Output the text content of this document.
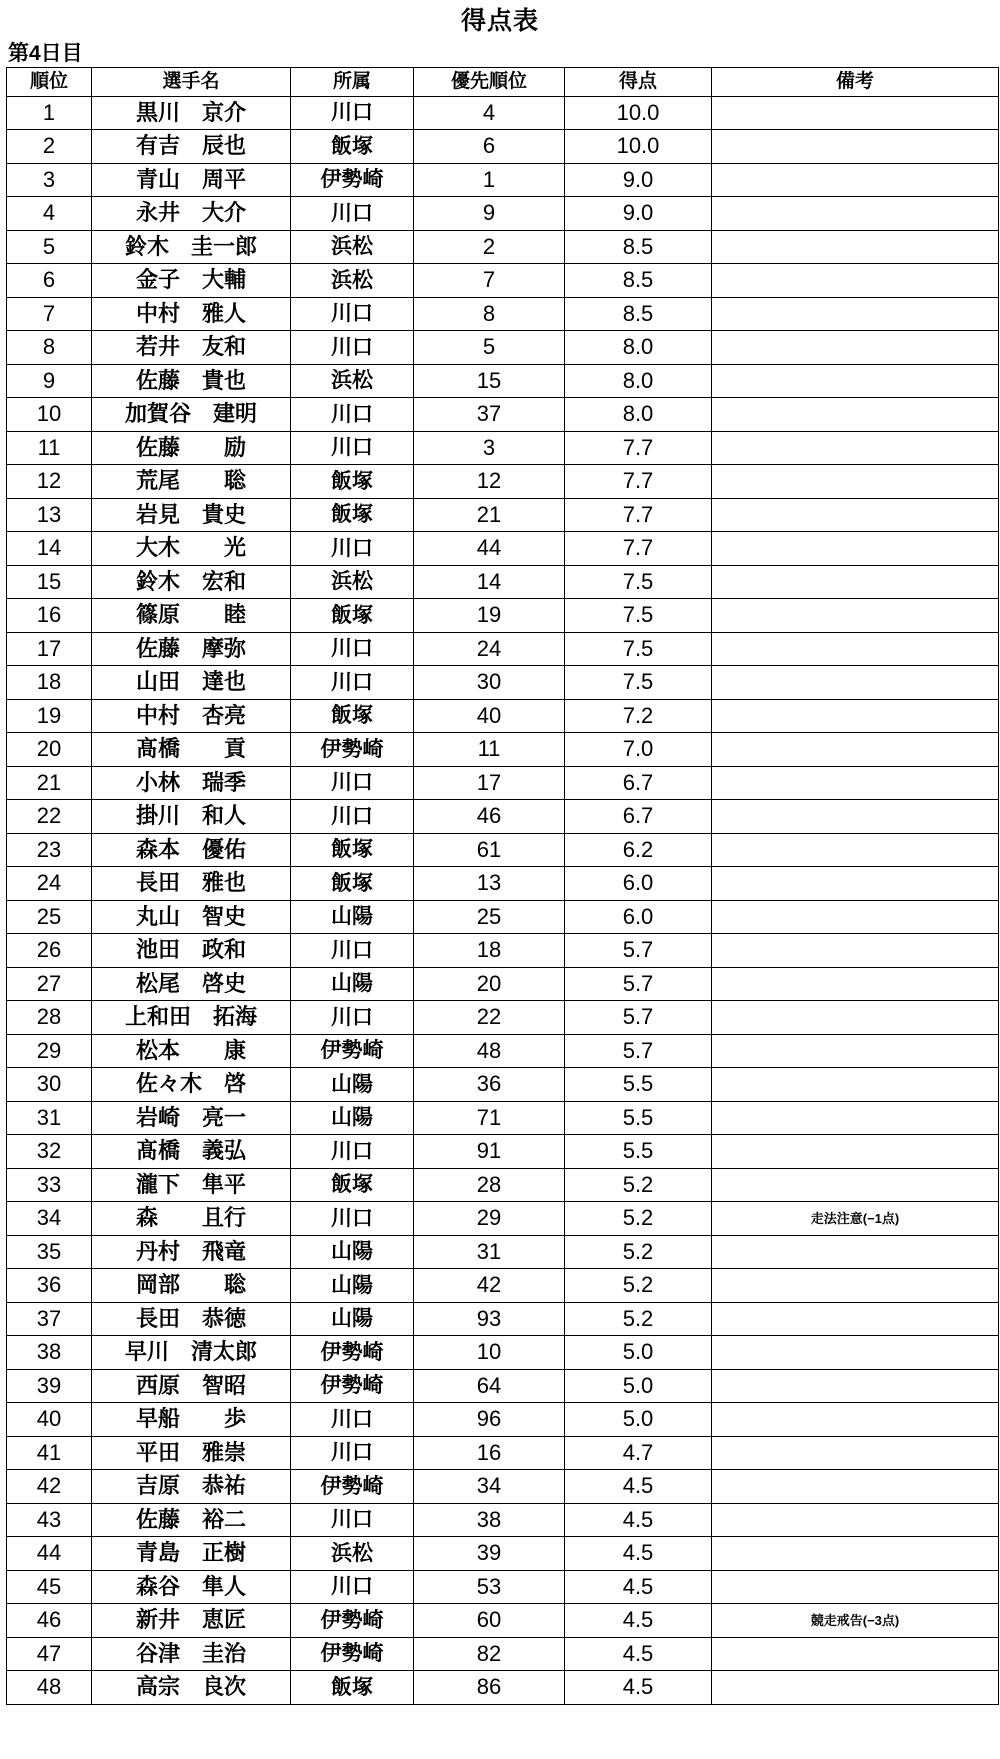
得点表
第4日目
順位	選手名	所属	優先順位	得点	備考
1	黒川　京介	川口	4	10.0	
2	有吉　辰也	飯塚	6	10.0	
3	青山　周平	伊勢崎	1	9.0	
4	永井　大介	川口	9	9.0	
5	鈴木　圭一郎	浜松	2	8.5	
6	金子　大輔	浜松	7	8.5	
7	中村　雅人	川口	8	8.5	
8	若井　友和	川口	5	8.0	
9	佐藤　貴也	浜松	15	8.0	
10	加賀谷　建明	川口	37	8.0	
11	佐藤　　励	川口	3	7.7	
12	荒尾　　聡	飯塚	12	7.7	
13	岩見　貴史	飯塚	21	7.7	
14	大木　　光	川口	44	7.7	
15	鈴木　宏和	浜松	14	7.5	
16	篠原　　睦	飯塚	19	7.5	
17	佐藤　摩弥	川口	24	7.5	
18	山田　達也	川口	30	7.5	
19	中村　杏亮	飯塚	40	7.2	
20	髙橋　　貢	伊勢崎	11	7.0	
21	小林　瑞季	川口	17	6.7	
22	掛川　和人	川口	46	6.7	
23	森本　優佑	飯塚	61	6.2	
24	長田　雅也	飯塚	13	6.0	
25	丸山　智史	山陽	25	6.0	
26	池田　政和	川口	18	5.7	
27	松尾　啓史	山陽	20	5.7	
28	上和田　拓海	川口	22	5.7	
29	松本　　康	伊勢崎	48	5.7	
30	佐々木　啓	山陽	36	5.5	
31	岩崎　亮一	山陽	71	5.5	
32	髙橋　義弘	川口	91	5.5	
33	瀧下　隼平	飯塚	28	5.2	
34	森　　且行	川口	29	5.2	走法注意(−1点)
35	丹村　飛竜	山陽	31	5.2	
36	岡部　　聡	山陽	42	5.2	
37	長田　恭徳	山陽	93	5.2	
38	早川　清太郎	伊勢崎	10	5.0	
39	西原　智昭	伊勢崎	64	5.0	
40	早船　　歩	川口	96	5.0	
41	平田　雅崇	川口	16	4.7	
42	吉原　恭祐	伊勢崎	34	4.5	
43	佐藤　裕二	川口	38	4.5	
44	青島　正樹	浜松	39	4.5	
45	森谷　隼人	川口	53	4.5	
46	新井　恵匠	伊勢崎	60	4.5	競走戒告(−3点)
47	谷津　圭治	伊勢崎	82	4.5	
48	高宗　良次	飯塚	86	4.5	
